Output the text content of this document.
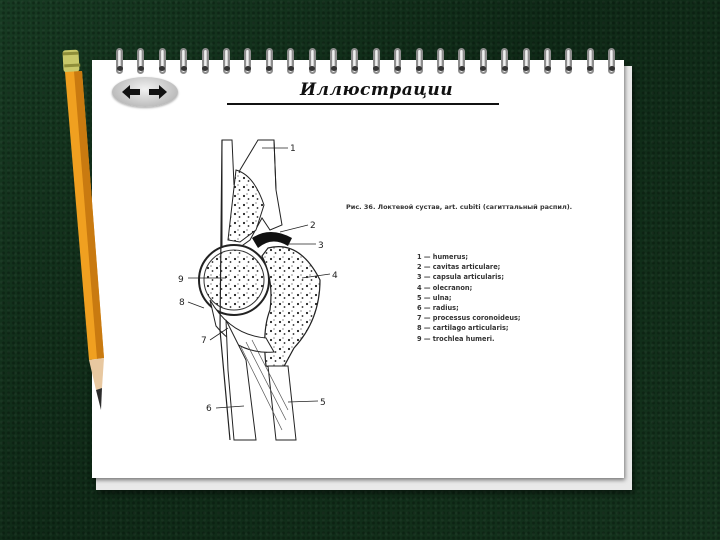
Иллюстрации
1
2
3
4
5
6
7
8
9
Рис. 36. Локтевой сустав, art. cubiti (сагиттальный распил).
1 — humerus;
2 — cavitas articulare;
3 — capsula articularis;
4 — olecranon;
5 — ulna;
6 — radius;
7 — processus coronoideus;
8 — cartilago articularis;
9 — trochlea humeri.
